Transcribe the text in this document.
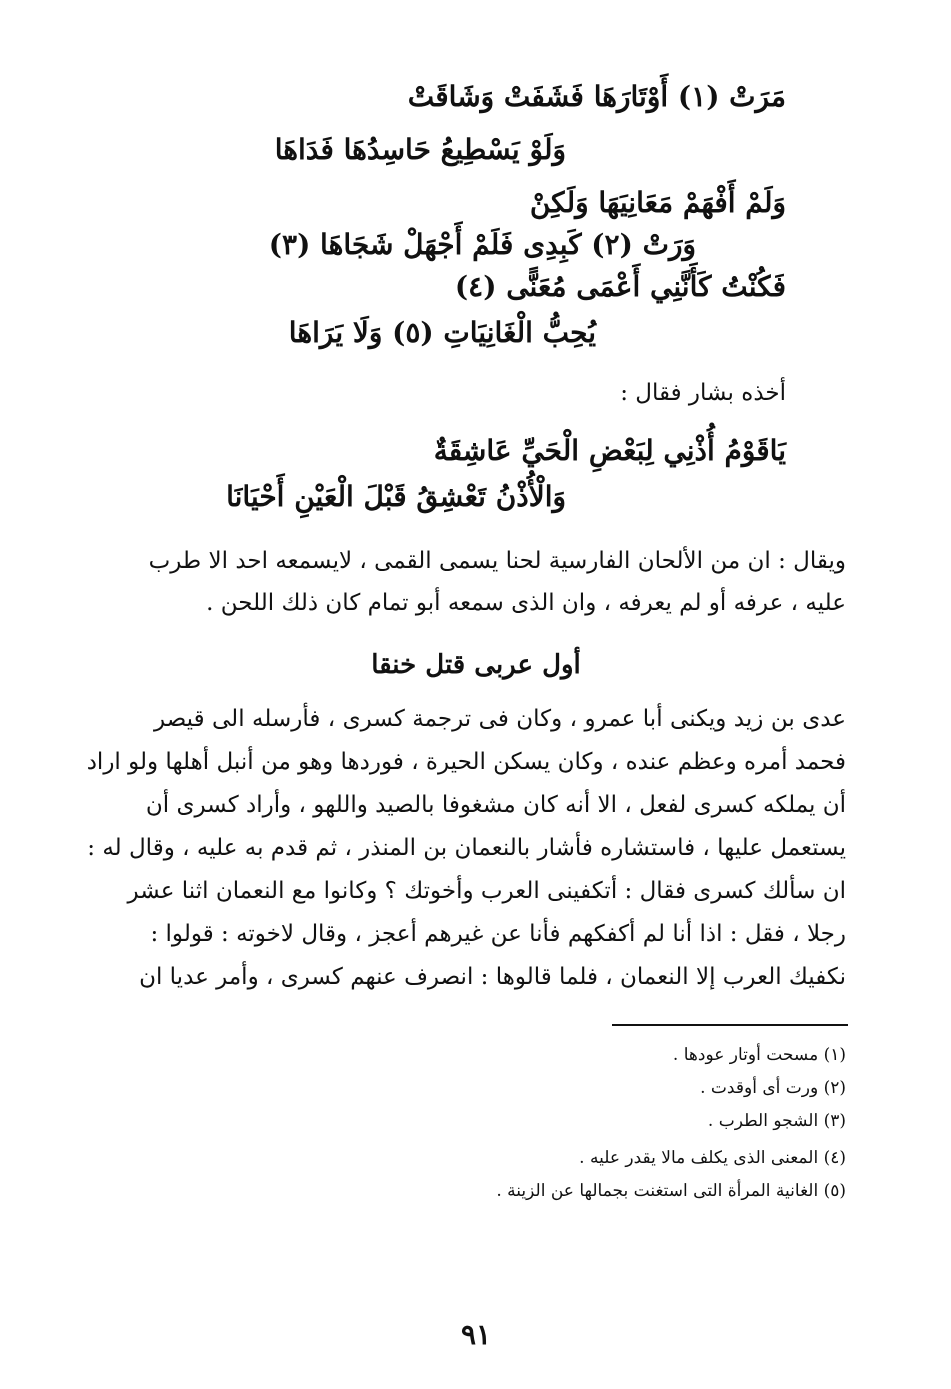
مَرَتْ (١) أَوْتَارَهَا فَشَفَتْ وَشَاقَتْ
وَلَوْ يَسْطِيعُ حَاسِدُهَا فَدَاهَا
وَلَمْ أَفْهَمْ مَعَانِيَهَا وَلَكِنْ
وَرَتْ (٢) كَبِدِى فَلَمْ أَجْهَلْ شَجَاهَا (٣)
فَكُنْتُ كَأَنَّنِي أَعْمَى مُعَنًّى (٤)
يُحِبُّ الْغَانِيَاتِ (٥) وَلَا يَرَاهَا
أخذه بشار فقال :
يَاقَوْمُ أُذْنِي لِبَعْضِ الْحَيِّ عَاشِقَةٌ
وَالْأُذْنُ تَعْشِقُ قَبْلَ الْعَيْنِ أَحْيَانَا
ويقال : ان من الألحان الفارسية لحنا يسمى القمى ، لايسمعه احد الا طرب
عليه ، عرفه أو لم يعرفه ، وان الذى سمعه أبو تمام كان ذلك اللحن .
أول عربى قتل خنقا
عدى بن زيد ويكنى أبا عمرو ، وكان فى ترجمة كسرى ، فأرسله الى قيصر
فحمد أمره وعظم عنده ، وكان يسكن الحيرة ، فوردها وهو من أنبل أهلها ولو اراد
أن يملكه كسرى لفعل ، الا أنه كان مشغوفا بالصيد واللهو ، وأراد كسرى أن
يستعمل عليها ، فاستشاره فأشار بالنعمان بن المنذر ، ثم قدم به عليه ، وقال له :
ان سألك كسرى فقال : أتكفينى العرب وأخوتك ؟ وكانوا مع النعمان اثنا عشر
رجلا ، فقل : اذا أنا لم أكفكهم فأنا عن غيرهم أعجز ، وقال لاخوته : قولوا :
نكفيك العرب إلا النعمان ، فلما قالوها : انصرف عنهم كسرى ، وأمر عديا ان
(١) مسحت أوتار عودها .
(٢) ورت أى أوقدت .
(٣) الشجو الطرب .
(٤) المعنى الذى يكلف مالا يقدر عليه .
(٥) الغانية المرأة التى استغنت بجمالها عن الزينة .
٩١
